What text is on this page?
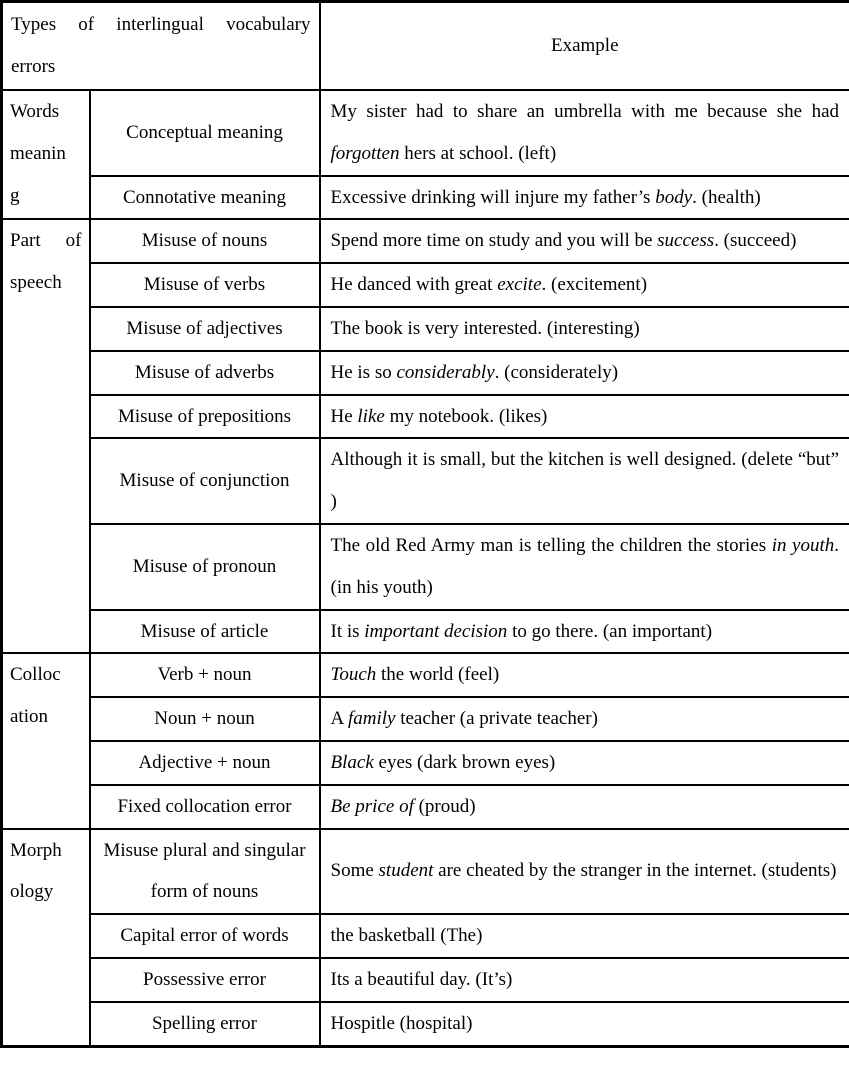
Types of interlingual vocabulary
errors		Example

Words
meanin
g	Conceptual meaning	My sister had to share an umbrella with me because she had forgotten hers at school. (left)
	Connotative meaning	Excessive drinking will injure my father’s body. (health)

Part of
speech	Misuse of nouns	Spend more time on study and you will be success. (succeed)
	Misuse of verbs	He danced with great excite. (excitement)
	Misuse of adjectives	The book is very interested. (interesting)
	Misuse of adverbs	He is so considerably. (considerately)
	Misuse of prepositions	He like my notebook. (likes)
	Misuse of conjunction	Although it is small, but the kitchen is well designed. (delete “but” )
	Misuse of pronoun	The old Red Army man is telling the children the stories in youth. (in his youth)
	Misuse of article	It is important decision to go there. (an important)

Colloc
ation	Verb + noun	Touch the world (feel)
	Noun + noun	A family teacher (a private teacher)
	Adjective + noun	Black eyes (dark brown eyes)
	Fixed collocation error	Be price of (proud)

Morph
ology	Misuse plural and singular form of nouns	Some student are cheated by the stranger in the internet. (students)
	Capital error of words	the basketball (The)
	Possessive error	Its a beautiful day. (It’s)
	Spelling error	Hospitle (hospital)
